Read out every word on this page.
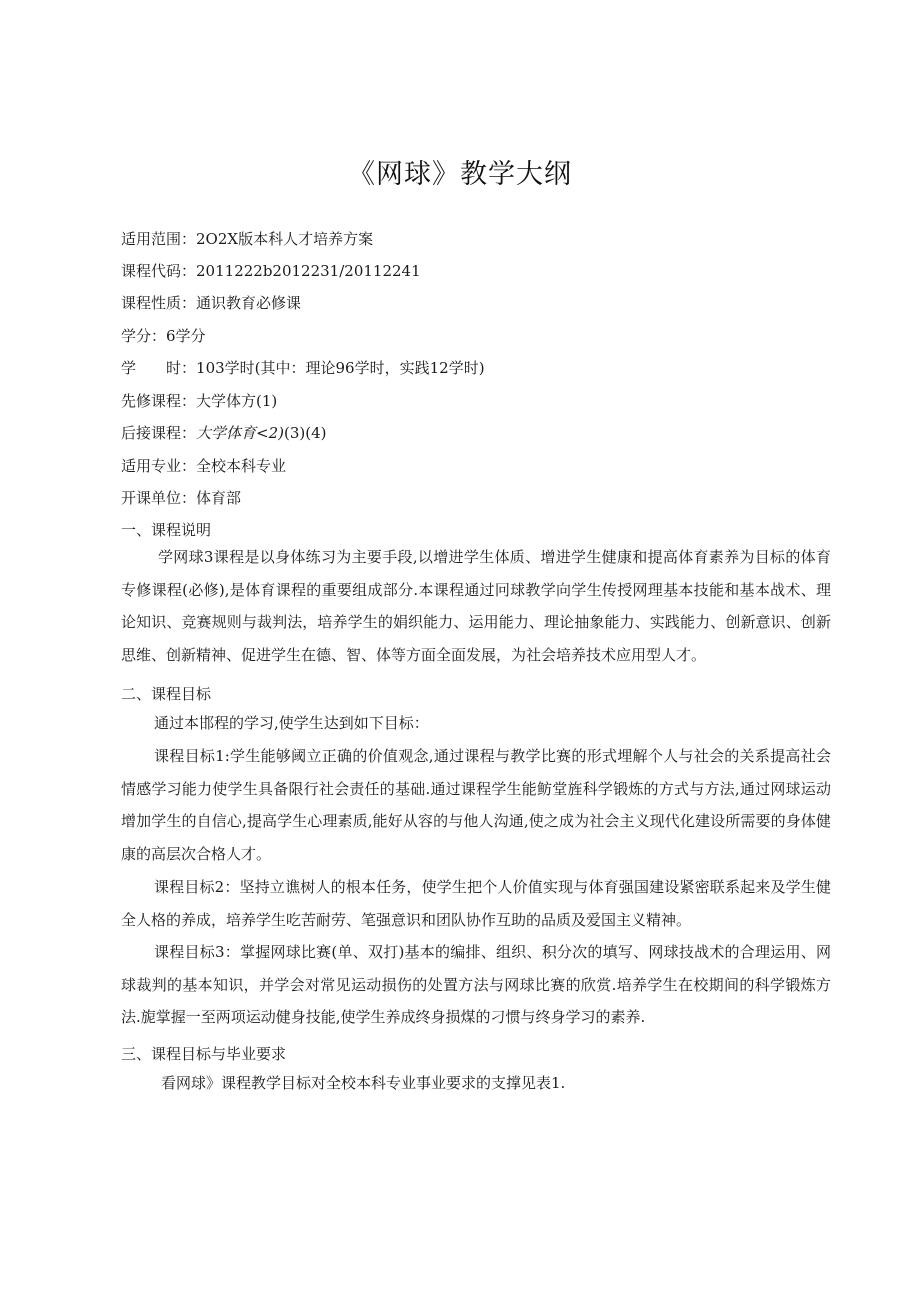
《网球》教学大纲
适用范围：2O2X版本科人才培养方案
课程代码：2011222b2012231/20112241
课程性质：通识教育必修课
学分：6学分
学 时：103学时(其中：理论96学时，实践12学时)
先修课程：大学体方(1)
后接课程：大学体育<2)(3)(4)
适用专业：全校本科专业
开课单位：体育部
一、课程说明

学网球3课程是以身体练习为主要手段,以增进学生体质、增进学生健康和提高体育素养为目标的体育专修课程(必修),是体育课程的重要组成部分.本课程通过冋球教学向学生传授网理基本技能和基本战术、理论知识、竞赛规则与裁判法，培养学生的娟织能力、运用能力、理论抽象能力、实践能力、创新意识、创新思维、创新精神、促进学生在德、智、体等方面全面发展，为社会培养技术应用型人才。

二、课程目标

通过本邯程的学习,使学生达到如下目标：

课程目标1:学生能够阈立正确的价值观念,通过课程与教学比赛的形式埋解个人与社会的关系提高社会情感学习能力使学生具备限行社会责任的基础.通过课程学生能鲂堂旌科学锻炼的方式与方法,通过网球运动增加学生的自信心,提高学生心理素质,能好从容的与他人沟通,使之成为社会主义现代化建设所需要的身体健康的高层次合格人才。

课程目标2：坚持立谯树人的根本任务，使学生把个人价值实现与体育强国建设紧密联系起来及学生健全人格的养成，培养学生吃苦耐劳、笔强意识和团队协作互助的品质及爱国主义精神。

课程目标3：掌握网球比赛(单、双打)基本的编排、组织、积分次的填写、网球技战术的合理运用、网球裁判的基本知识，并学会对常见运动损伤的处置方法与网球比赛的欣赏.培养学生在校期间的科学锻炼方法.旎掌握一至两项运动健身技能,使学生养成终身损煤的刁惯与终身学习的素养.

三、课程目标与毕业要求

看网球》课程教学目标对全校本科专业事业要求的支撑见表1.
